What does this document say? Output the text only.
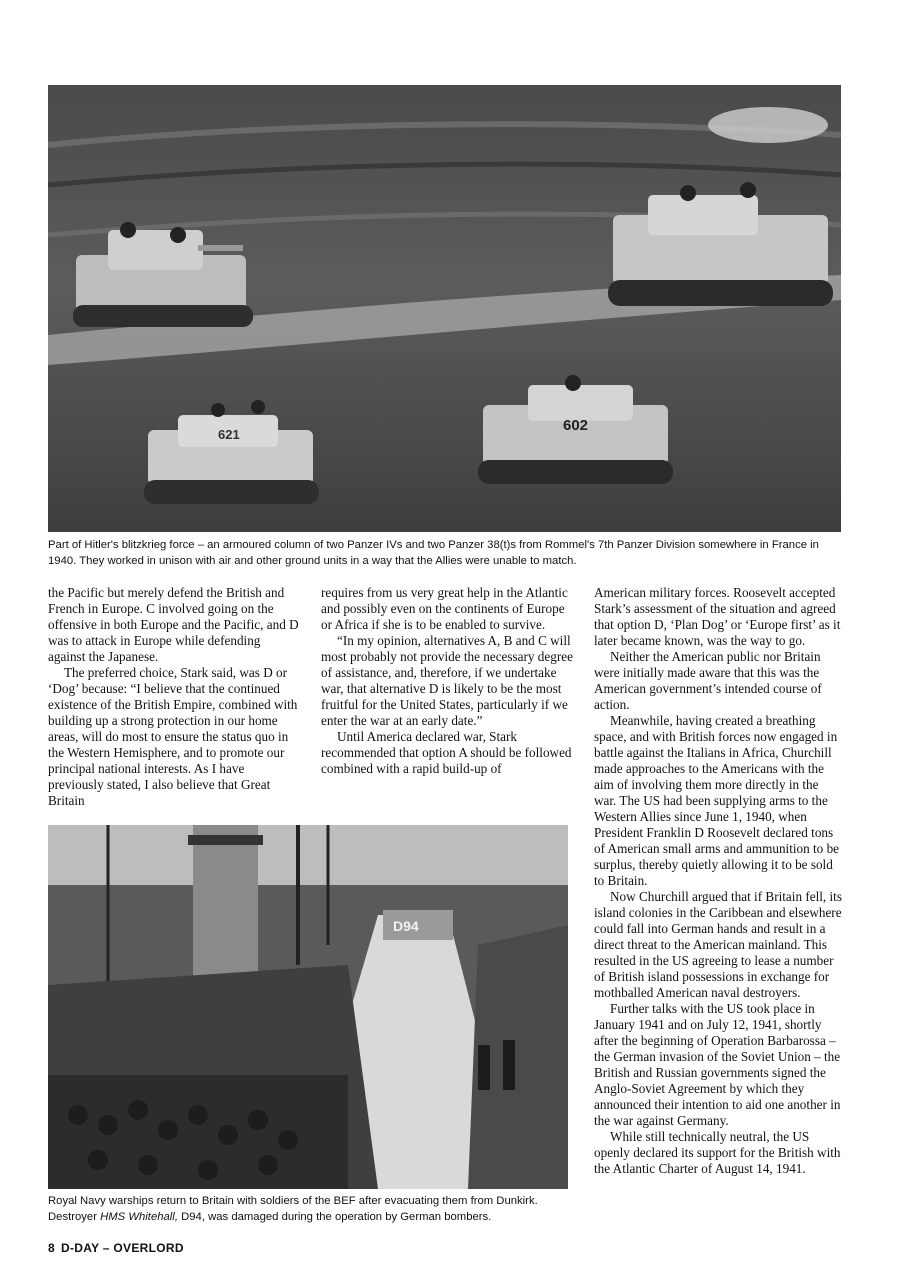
621
602

Part of Hitler's blitzkrieg force – an armoured column of two Panzer IVs and two Panzer 38(t)s from Rommel's 7th Panzer Division somewhere in France in 1940. They worked in unison with air and other ground units in a way that the Allies were unable to match.

the Pacific but merely defend the British and French in Europe. C involved going on the offensive in both Europe and the Pacific, and D was to attack in Europe while defending against the Japanese.

The preferred choice, Stark said, was D or ‘Dog’ because: “I believe that the continued existence of the British Empire, combined with building up a strong protection in our home areas, will do most to ensure the status quo in the Western Hemisphere, and to promote our principal national interests. As I have previously stated, I also believe that Great Britain

requires from us very great help in the Atlantic and possibly even on the continents of Europe or Africa if she is to be enabled to survive.

“In my opinion, alternatives A, B and C will most probably not provide the necessary degree of assistance, and, therefore, if we undertake war, that alternative D is likely to be the most fruitful for the United States, particularly if we enter the war at an early date.”

Until America declared war, Stark recommended that option A should be followed combined with a rapid build-up of

American military forces. Roosevelt accepted Stark’s assessment of the situation and agreed that option D, ‘Plan Dog’ or ‘Europe first’ as it later became known, was the way to go.

Neither the American public nor Britain were initially made aware that this was the American government’s intended course of action.

Meanwhile, having created a breathing space, and with British forces now engaged in battle against the Italians in Africa, Churchill made approaches to the Americans with the aim of involving them more directly in the war. The US had been supplying arms to the Western Allies since June 1, 1940, when President Franklin D Roosevelt declared tons of American small arms and ammunition to be surplus, thereby quietly allowing it to be sold to Britain.

Now Churchill argued that if Britain fell, its island colonies in the Caribbean and elsewhere could fall into German hands and result in a direct threat to the American mainland. This resulted in the US agreeing to lease a number of British island possessions in exchange for mothballed American naval destroyers.

Further talks with the US took place in January 1941 and on July 12, 1941, shortly after the beginning of Operation Barbarossa – the German invasion of the Soviet Union – the British and Russian governments signed the Anglo-Soviet Agreement by which they announced their intention to aid one another in the war against Germany.

While still technically neutral, the US openly declared its support for the British with the Atlantic Charter of August 14, 1941.

D94

Royal Navy warships return to Britain with soldiers of the BEF after evacuating them from Dunkirk.
Destroyer HMS Whitehall, D94, was damaged during the operation by German bombers.

8 D-DAY – OVERLORD
